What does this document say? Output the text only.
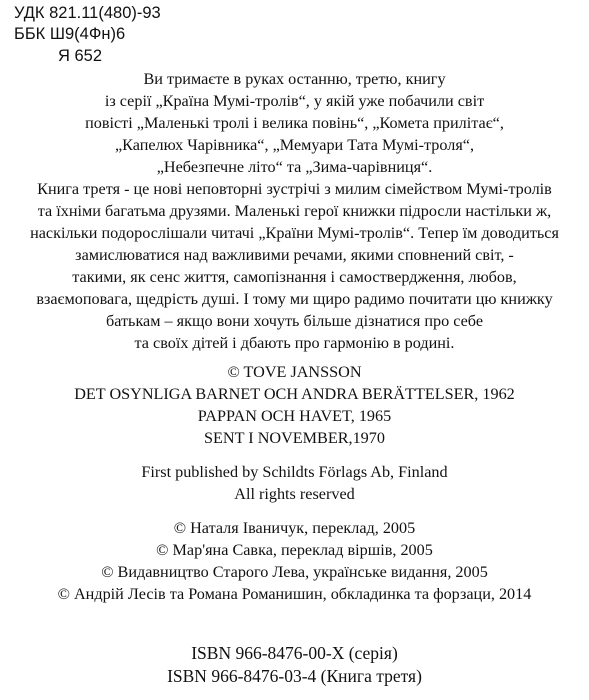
УДК 821.11(480)-93
ББК Ш9(4Фн)6
Я 652
Ви тримаєте в руках останню, третю, книгу
із серії „Країна Мумі-тролів“, у якій уже побачили світ
повісті „Маленькі тролі і велика повінь“, „Комета прилітає“,
„Капелюх Чарівника“, „Мемуари Тата Мумі-троля“,
„Небезпечне літо“ та „Зима-чарівниця“.
Книга третя - це нові неповторні зустрічі з милим сімейством Мумі-тролів
та їхніми багатьма друзями. Маленькі герої книжки підросли настільки ж,
наскільки подорослішали читачі „Країни Мумі-тролів“. Тепер їм доводиться
замислюватися над важливими речами, якими сповнений світ, -
такими, як сенс життя, самопізнання і самоствердження, любов,
взаємоповага, щедрість душі. І тому ми щиро радимо почитати цю книжку
батькам – якщо вони хочуть більше дізнатися про себе
та своїх дітей і дбають про гармонію в родині.
© TOVE JANSSON
DET OSYNLIGA BARNET OCH ANDRA BERÄTTELSER, 1962
PAPPAN OCH HAVET, 1965
SENT I NOVEMBER,1970
First published by Schildts Förlags Ab, Finland
All rights reserved
© Наталя Іваничук, переклад, 2005
© Мар'яна Савка, переклад віршів, 2005
© Видавництво Старого Лева, українське видання, 2005
© Андрій Лесів та Романа Романишин, обкладинка та форзаци, 2014
ISBN 966-8476-00-X (серія)
ISBN 966-8476-03-4 (Книга третя)
